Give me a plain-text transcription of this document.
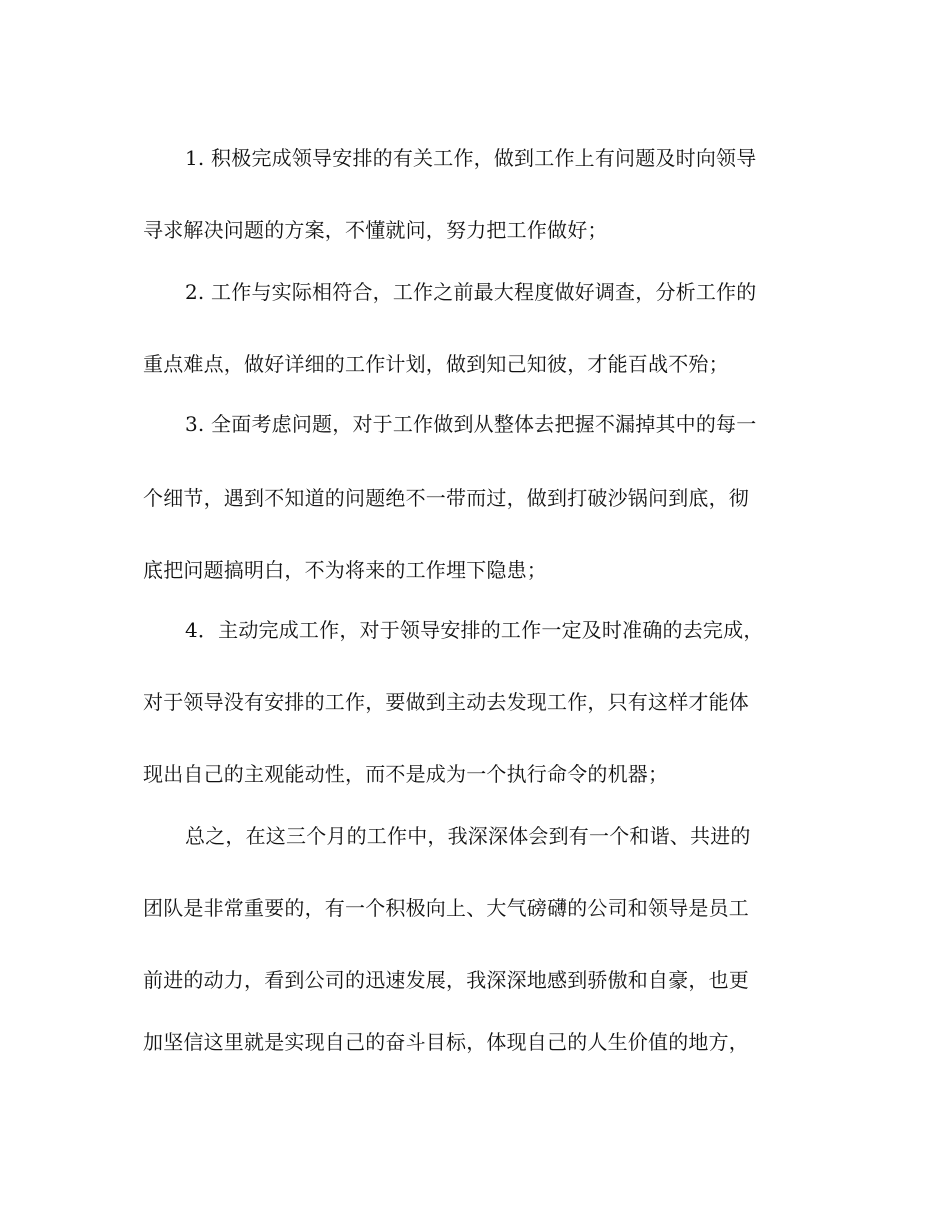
1. 积极完成领导安排的有关工作，做到工作上有问题及时向领导
寻求解决问题的方案，不懂就问，努力把工作做好；
2. 工作与实际相符合，工作之前最大程度做好调查，分析工作的
重点难点，做好详细的工作计划，做到知己知彼，才能百战不殆；
3. 全面考虑问题，对于工作做到从整体去把握不漏掉其中的每一
个细节，遇到不知道的问题绝不一带而过，做到打破沙锅问到底，彻
底把问题搞明白，不为将来的工作埋下隐患；
4．主动完成工作，对于领导安排的工作一定及时准确的去完成，
对于领导没有安排的工作，要做到主动去发现工作，只有这样才能体
现出自己的主观能动性，而不是成为一个执行命令的机器；
总之，在这三个月的工作中，我深深体会到有一个和谐、共进的
团队是非常重要的，有一个积极向上、大气磅礴的公司和领导是员工
前进的动力，看到公司的迅速发展，我深深地感到骄傲和自豪，也更
加坚信这里就是实现自己的奋斗目标，体现自己的人生价值的地方，
